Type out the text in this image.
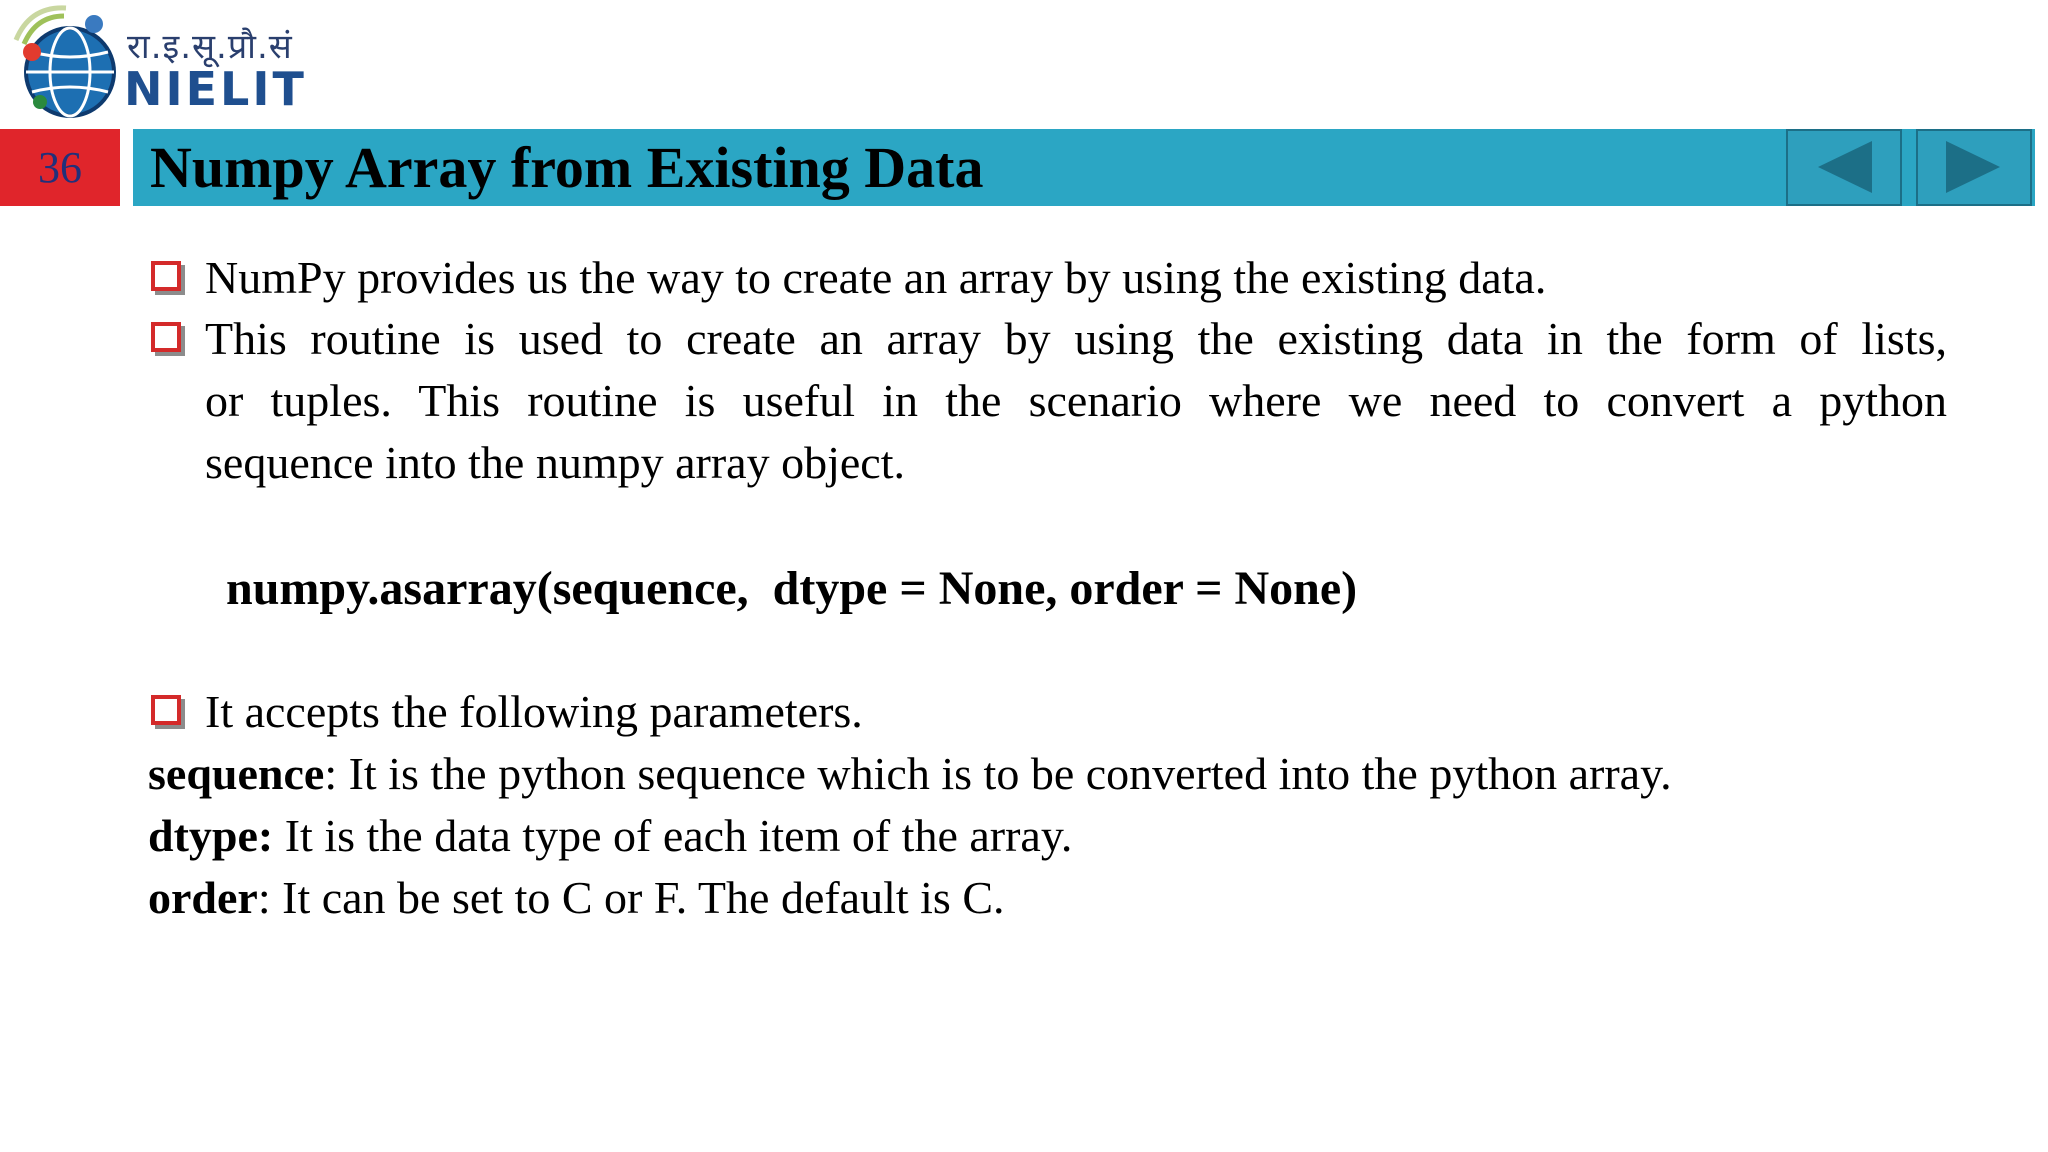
रा.इ.सू.प्रौ.सं
NIELIT
36	Numpy Array from Existing Data
NumPy provides us the way to create an array by using the existing data.
This routine is used to create an array by using the existing data in the form of lists,
or tuples. This routine is useful in the scenario where we need to convert a python
sequence into the numpy array object.
numpy.asarray(sequence,  dtype = None, order = None)
It accepts the following parameters.
sequence: It is the python sequence which is to be converted into the python array.
dtype: It is the data type of each item of the array.
order: It can be set to C or F. The default is C.
